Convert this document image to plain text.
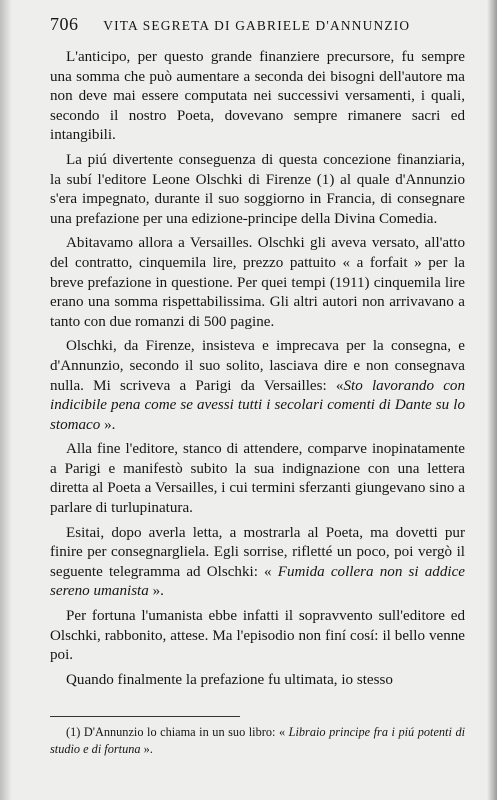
706	VITA SEGRETA DI GABRIELE D'ANNUNZIO

L'anticipo, per questo grande finanziere precursore, fu sempre una somma che può aumentare a seconda dei bisogni dell'autore ma non deve mai essere computata nei successivi versamenti, i quali, secondo il nostro Poeta, dovevano sempre rimanere sacri ed intangibili.

La piú divertente conseguenza di questa concezione finanziaria, la subí l'editore Leone Olschki di Firenze (1) al quale d'Annunzio s'era impegnato, durante il suo soggiorno in Francia, di consegnare una prefazione per una edizione-principe della Divina Comedia.

Abitavamo allora a Versailles. Olschki gli aveva versato, all'atto del contratto, cinquemila lire, prezzo pattuito « a forfait » per la breve prefazione in questione. Per quei tempi (1911) cinquemila lire erano una somma rispettabilissima. Gli altri autori non arrivavano a tanto con due romanzi di 500 pagine.

Olschki, da Firenze, insisteva e imprecava per la consegna, e d'Annunzio, secondo il suo solito, lasciava dire e non consegnava nulla. Mi scriveva a Parigi da Versailles: «Sto lavorando con indicibile pena come se avessi tutti i secolari comenti di Dante su lo stomaco ».

Alla fine l'editore, stanco di attendere, comparve inopinatamente a Parigi e manifestò subito la sua indignazione con una lettera diretta al Poeta a Versailles, i cui termini sferzanti giungevano sino a parlare di turlupinatura.

Esitai, dopo averla letta, a mostrarla al Poeta, ma dovetti pur finire per consegnargliela. Egli sorrise, rifletté un poco, poi vergò il seguente telegramma ad Olschki: « Fumida collera non si addice sereno umanista ».

Per fortuna l'umanista ebbe infatti il sopravvento sull'editore ed Olschki, rabbonito, attese. Ma l'episodio non finí cosí: il bello venne poi.

Quando finalmente la prefazione fu ultimata, io stesso

(1) D'Annunzio lo chiama in un suo libro: « Libraio principe fra i piú potenti di studio e di fortuna ».
